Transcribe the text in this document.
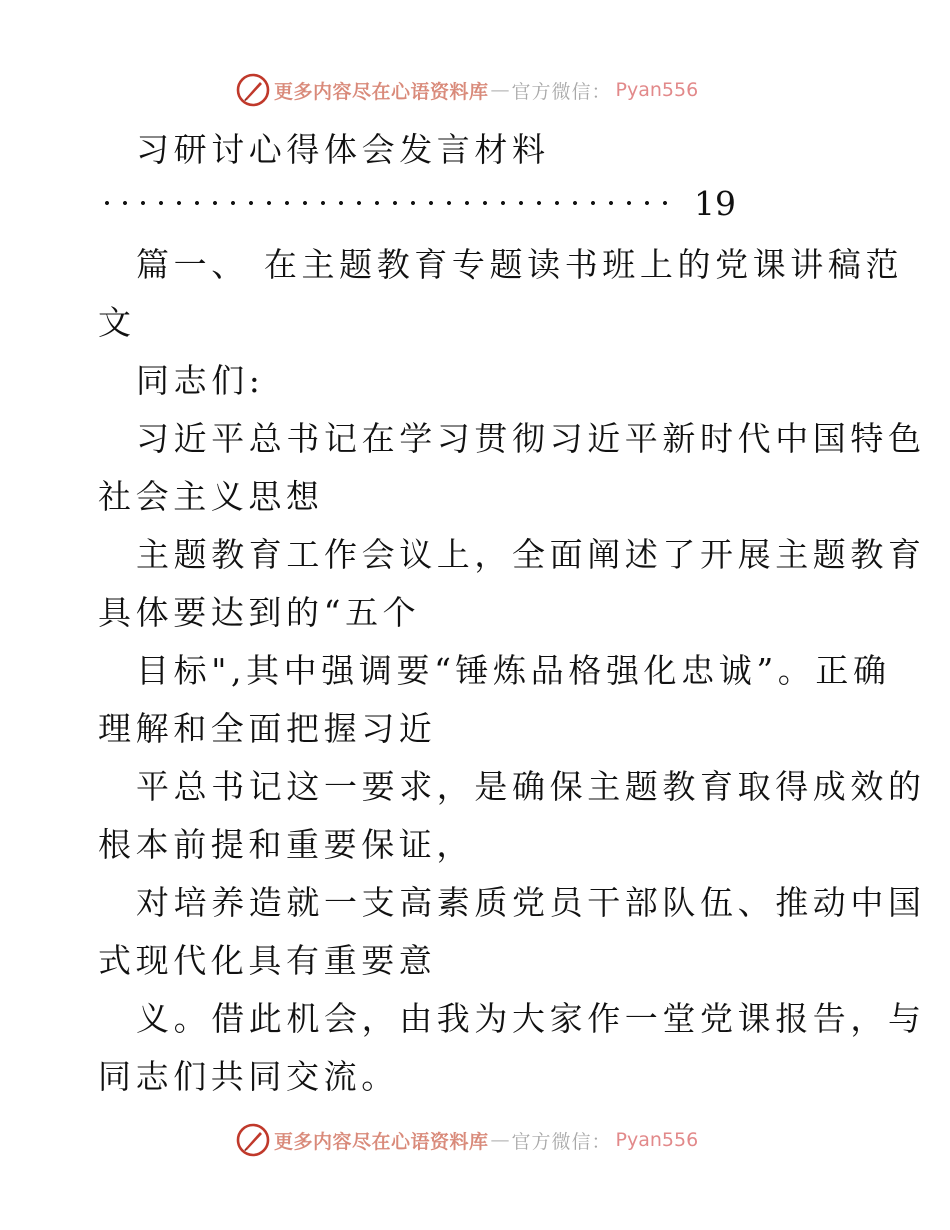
更多内容尽在心语资料库 — 官方微信： Pyan556
习研讨心得体会发言材料
19
篇一、 在主题教育专题读书班上的党课讲稿范
文
同志们:
习近平总书记在学习贯彻习近平新时代中国特色
社会主义思想
主题教育工作会议上，全面阐述了开展主题教育
具体要达到的“五个
目标",其中强调要“锤炼品格强化忠诚”。正确
理解和全面把握习近
平总书记这一要求，是确保主题教育取得成效的
根本前提和重要保证，
对培养造就一支高素质党员干部队伍、推动中国
式现代化具有重要意
义。借此机会，由我为大家作一堂党课报告，与
同志们共同交流。
更多内容尽在心语资料库 — 官方微信： Pyan556
